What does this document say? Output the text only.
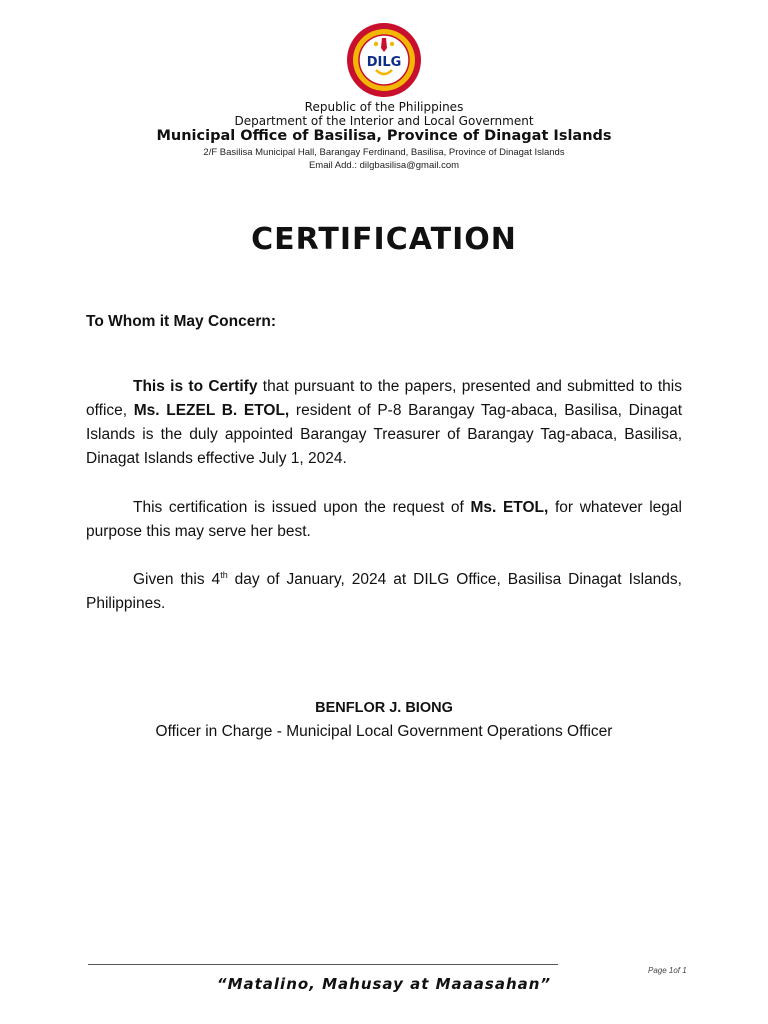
DILG
Republic of the Philippines
Department of the Interior and Local Government
Municipal Office of Basilisa, Province of Dinagat Islands
2/F Basilisa Municipal Hall, Barangay Ferdinand, Basilisa, Province of Dinagat Islands
Email Add.: dilgbasilisa@gmail.com
CERTIFICATION
To Whom it May Concern:
This is to Certify that pursuant to the papers, presented and submitted to this office, Ms. LEZEL B. ETOL, resident of P-8 Barangay Tag-abaca, Basilisa, Dinagat Islands is the duly appointed Barangay Treasurer of Barangay Tag-abaca, Basilisa, Dinagat Islands effective July 1, 2024.
This certification is issued upon the request of Ms. ETOL, for whatever legal purpose this may serve her best.
Given this 4th day of January, 2024 at DILG Office, Basilisa Dinagat Islands, Philippines.
BENFLOR J. BIONG
Officer in Charge - Municipal Local Government Operations Officer
Page 1of 1
“Matalino, Mahusay at Maaasahan”
